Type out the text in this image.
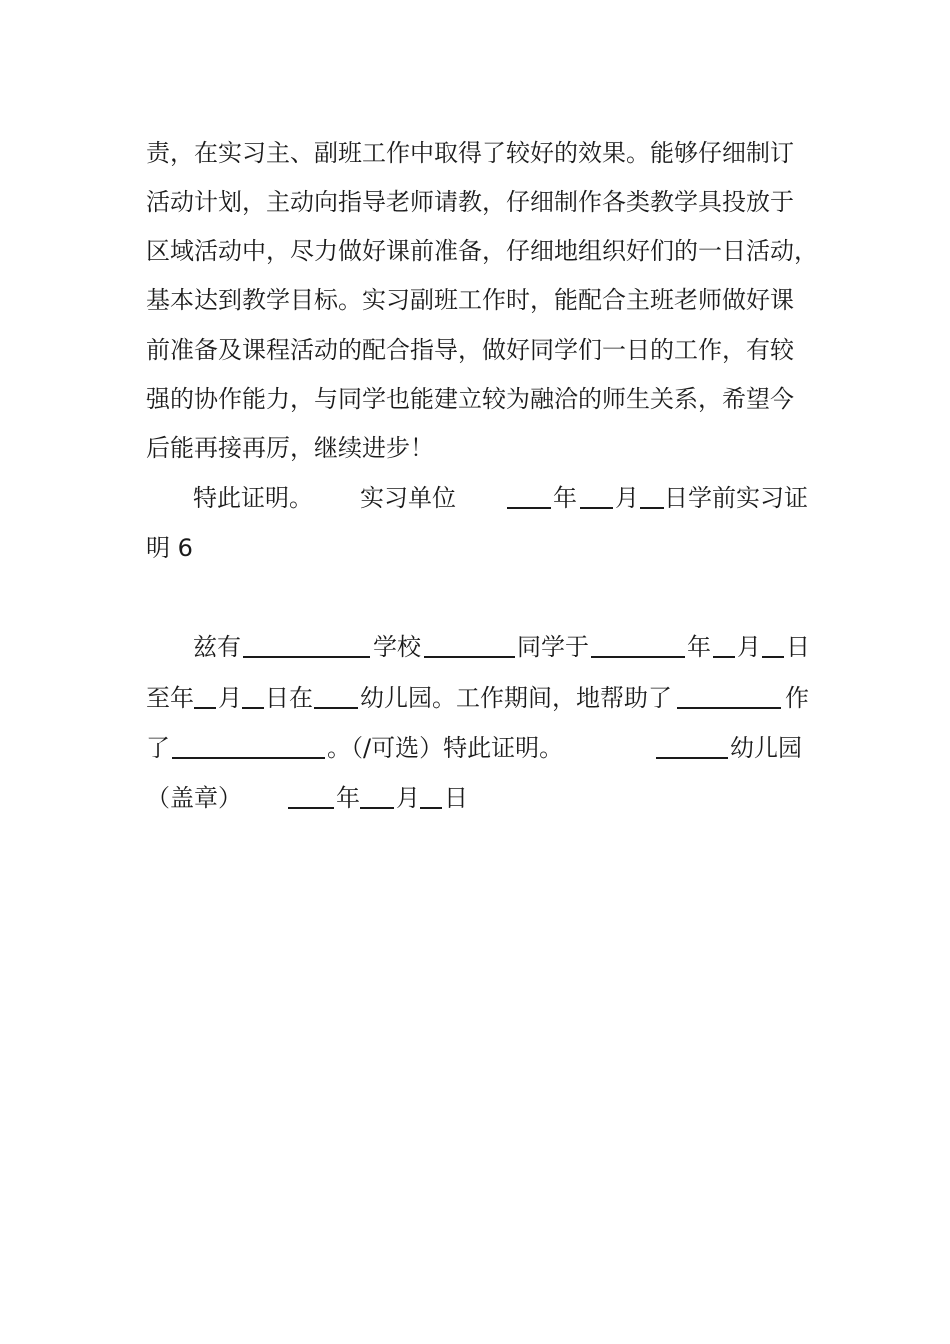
责，在实习主、副班工作中取得了较好的效果。能够仔细制订

活动计划，主动向指导老师请教，仔细制作各类教学具投放于

区域活动中，尽力做好课前准备，仔细地组织好们的一日活动，

基本达到教学目标。实习副班工作时，能配合主班老师做好课

前准备及课程活动的配合指导，做好同学们一日的工作，有较

强的协作能力，与同学也能建立较为融洽的师生关系，希望今

后能再接再厉，继续进步！

特此证明。

实习单位

	年

月

日学前实习证

明 6

兹有

	学校

	同学于

	年

月

日

至年

月

日在

幼儿园。工作期间，地帮助了

	作

了

	。（/可选）特此证明。

	幼儿园

（盖章）

	年

月

日
